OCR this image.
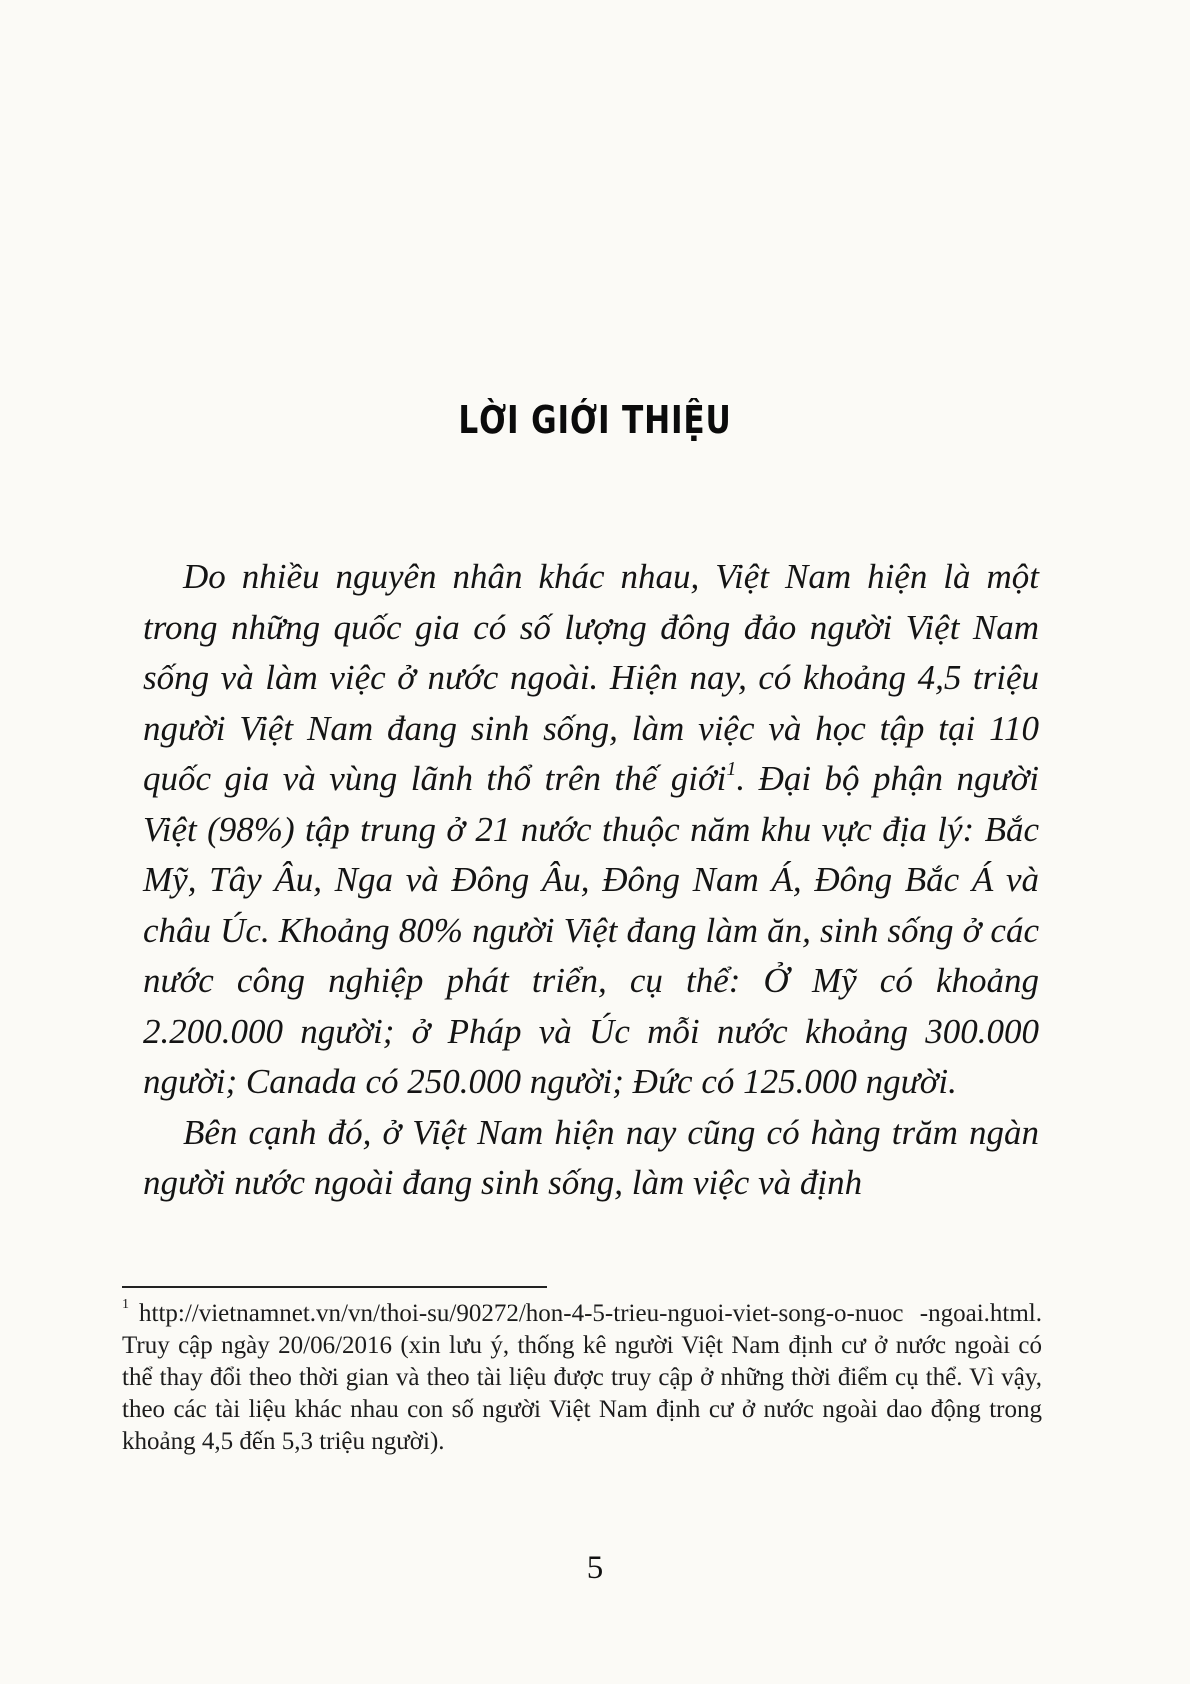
LỜI GIỚI THIỆU

Do nhiều nguyên nhân khác nhau, Việt Nam hiện là một trong những quốc gia có số lượng đông đảo người Việt Nam sống và làm việc ở nước ngoài. Hiện nay, có khoảng 4,5 triệu người Việt Nam đang sinh sống, làm việc và học tập tại 110 quốc gia và vùng lãnh thổ trên thế giới$^1$. Đại bộ phận người Việt (98%) tập trung ở 21 nước thuộc năm khu vực địa lý: Bắc Mỹ, Tây Âu, Nga và Đông Âu, Đông Nam Á, Đông Bắc Á và châu Úc. Khoảng 80% người Việt đang làm ăn, sinh sống ở các nước công nghiệp phát triển, cụ thể: Ở Mỹ có khoảng 2.200.000 người; ở Pháp và Úc mỗi nước khoảng 300.000 người; Canada có 250.000 người; Đức có 125.000 người.

Bên cạnh đó, ở Việt Nam hiện nay cũng có hàng trăm ngàn người nước ngoài đang sinh sống, làm việc và định

$^1$ http://vietnamnet.vn/vn/thoi-su/90272/hon-4-5-trieu-nguoi-viet-song-o-nuoc -ngoai.html. Truy cập ngày 20/06/2016 (xin lưu ý, thống kê người Việt Nam định cư ở nước ngoài có thể thay đổi theo thời gian và theo tài liệu được truy cập ở những thời điểm cụ thể. Vì vậy, theo các tài liệu khác nhau con số người Việt Nam định cư ở nước ngoài dao động trong khoảng 4,5 đến 5,3 triệu người).

5
